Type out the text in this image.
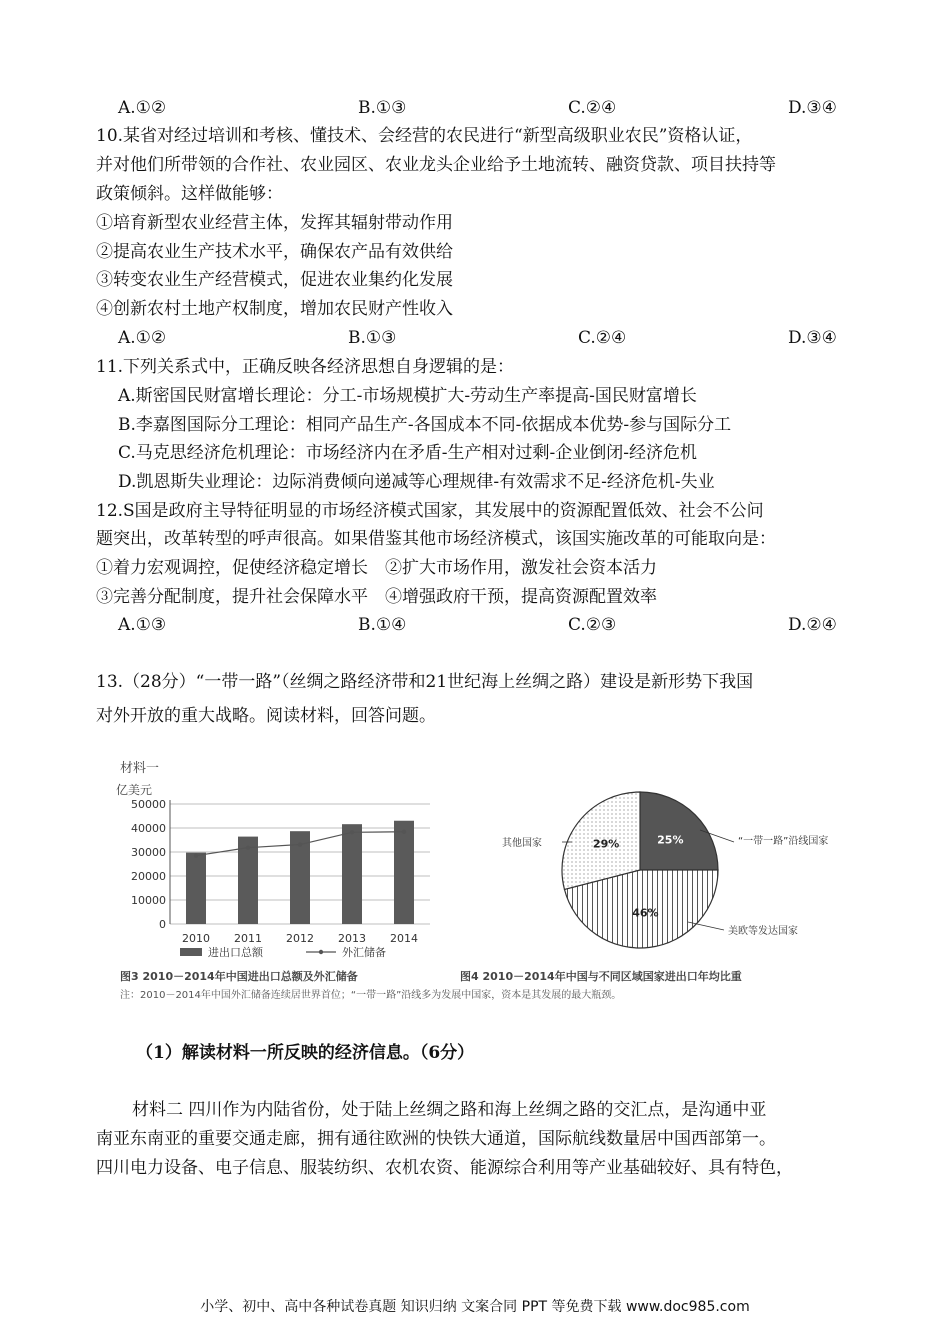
A.①②	B.①③	C.②④	D.③④
10.某省对经过培训和考核、懂技术、会经营的农民进行“新型高级职业农民”资格认证，
并对他们所带领的合作社、农业园区、农业龙头企业给予土地流转、融资贷款、项目扶持等
政策倾斜。这样做能够：
①培育新型农业经营主体，发挥其辐射带动作用
②提高农业生产技术水平，确保农产品有效供给
③转变农业生产经营模式，促进农业集约化发展
④创新农村土地产权制度，增加农民财产性收入
A.①②	B.①③	C.②④	D.③④
11.下列关系式中，正确反映各经济思想自身逻辑的是：
A.斯密国民财富增长理论：分工-市场规模扩大-劳动生产率提高-国民财富增长
B.李嘉图国际分工理论：相同产品生产-各国成本不同-依据成本优势-参与国际分工
C.马克思经济危机理论：市场经济内在矛盾-生产相对过剩-企业倒闭-经济危机
D.凯恩斯失业理论：边际消费倾向递减等心理规律-有效需求不足-经济危机-失业
12.S国是政府主导特征明显的市场经济模式国家，其发展中的资源配置低效、社会不公问
题突出，改革转型的呼声很高。如果借鉴其他市场经济模式，该国实施改革的可能取向是：
①着力宏观调控，促使经济稳定增长　②扩大市场作用，激发社会资本活力
③完善分配制度，提升社会保障水平　④增强政府干预，提高资源配置效率
A.①③	B.①④	C.②③	D.②④
13.（28分）“一带一路”（丝绸之路经济带和21世纪海上丝绸之路）建设是新形势下我国
对外开放的重大战略。阅读材料，回答问题。
材料一
亿美元
50000
40000
30000
20000
10000
0
2010 2011 2012 2013 2014
进出口总额	外汇储备
25%
46%
29%	“一带一路”沿线国家
美欧等发达国家
其他国家
图3 2010－2014年中国进出口总额及外汇储备	图4 2010－2014年中国与不同区域国家进出口年均比重
注：2010－2014年中国外汇储备连续居世界首位；“一带一路”沿线多为发展中国家，资本是其发展的最大瓶颈。
（1）解读材料一所反映的经济信息。（6分）
材料二 四川作为内陆省份，处于陆上丝绸之路和海上丝绸之路的交汇点，是沟通中亚
南亚东南亚的重要交通走廊，拥有通往欧洲的快铁大通道，国际航线数量居中国西部第一。
四川电力设备、电子信息、服装纺织、农机农资、能源综合利用等产业基础较好、具有特色，
小学、初中、高中各种试卷真题 知识归纳 文案合同 PPT 等免费下载 www.doc985.com
